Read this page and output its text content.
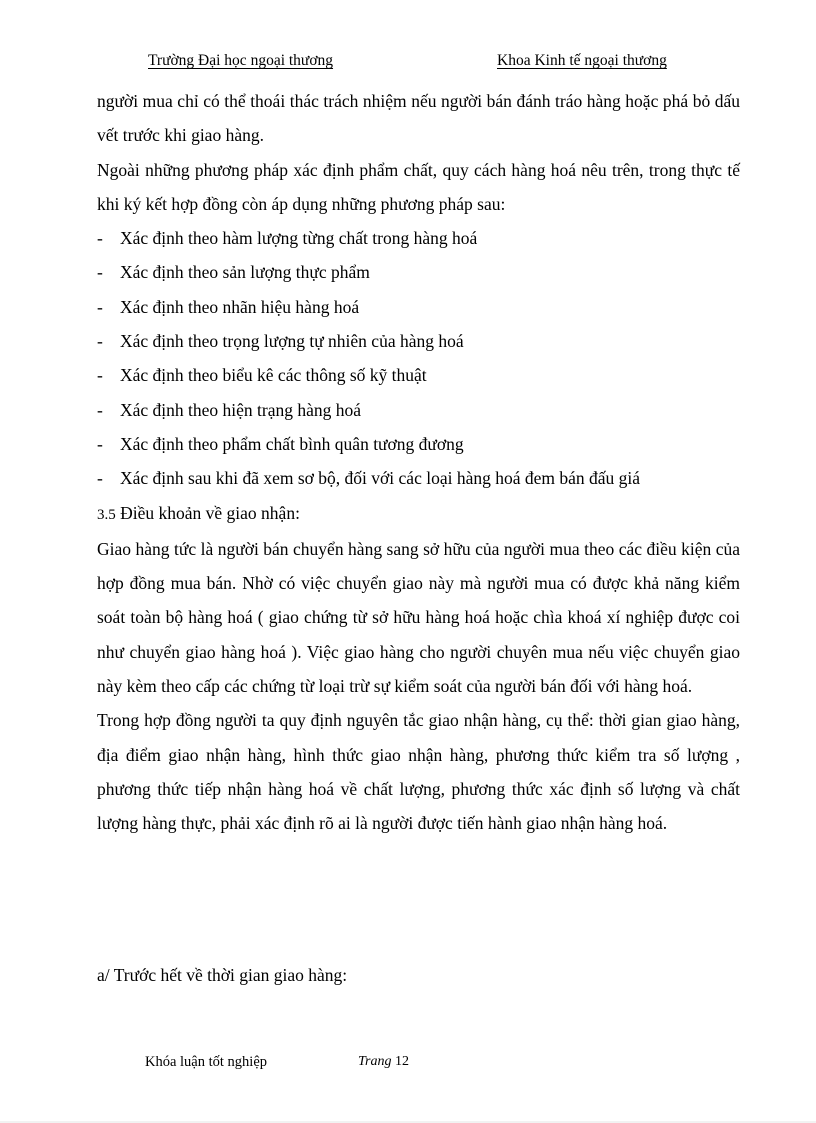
Trường Đại học ngoại thương	Khoa Kinh tế ngoại thương

người mua chỉ có thể thoái thác trách nhiệm nếu người bán đánh tráo hàng hoặc phá bỏ dấu vết trước khi giao hàng.

Ngoài những phương pháp xác định phẩm chất, quy cách hàng hoá nêu trên, trong thực tế khi ký kết hợp đồng còn áp dụng những phương pháp sau:

- Xác định theo hàm lượng từng chất trong hàng hoá
- Xác định theo sản lượng thực phẩm
- Xác định theo nhãn hiệu hàng hoá
- Xác định theo trọng lượng tự nhiên của hàng hoá
- Xác định theo biểu kê các thông số kỹ thuật
- Xác định theo hiện trạng hàng hoá
- Xác định theo phẩm chất bình quân tương đương
- Xác định sau khi đã xem sơ bộ, đối với các loại hàng hoá đem bán đấu giá

3.5 Điều khoản về giao nhận:

Giao hàng tức là người bán chuyển hàng sang sở hữu của người mua theo các điều kiện của hợp đồng mua bán. Nhờ có việc chuyển giao này mà người mua có được khả năng kiểm soát toàn bộ hàng hoá ( giao chứng từ sở hữu hàng hoá hoặc chìa khoá xí nghiệp được coi như chuyển giao hàng hoá ). Việc giao hàng cho người chuyên mua nếu việc chuyển giao này kèm theo cấp các chứng từ loại trừ sự kiểm soát của người bán đối với hàng hoá.

Trong hợp đồng người ta quy định nguyên tắc giao nhận hàng, cụ thể: thời gian giao hàng, địa điểm giao nhận hàng, hình thức giao nhận hàng, phương thức kiểm tra số lượng , phương thức tiếp nhận hàng hoá về chất lượng, phương thức xác định số lượng và chất lượng hàng thực, phải xác định rõ ai là người được tiến hành giao nhận hàng hoá.

a/ Trước hết về thời gian giao hàng:
Khóa luận tốt nghiệp	Trang 12
